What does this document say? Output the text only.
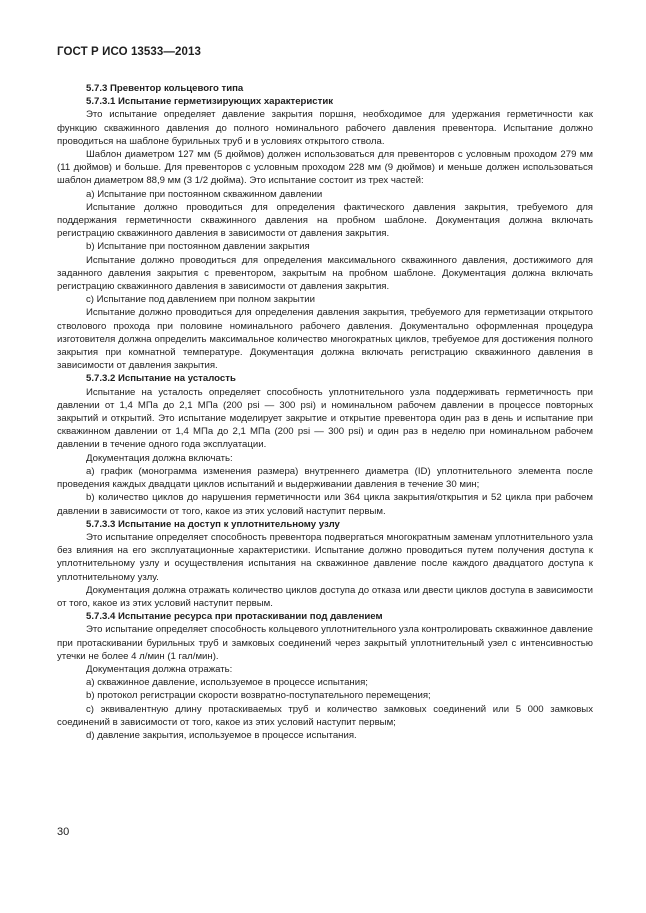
ГОСТ Р ИСО 13533—2013

5.7.3 Превентор кольцевого типа

5.7.3.1 Испытание герметизирующих характеристик

Это испытание определяет давление закрытия поршня, необходимое для удержания герметичности как функцию скважинного давления до полного номинального рабочего давления превентора. Испытание должно проводиться на шаблоне бурильных труб и в условиях открытого ствола.

Шаблон диаметром 127 мм (5 дюймов) должен использоваться для превенторов с условным проходом 279 мм (11 дюймов) и больше. Для превенторов с условным проходом 228 мм (9 дюймов) и меньше должен использоваться шаблон диаметром 88,9 мм (3 1/2 дюйма). Это испытание состоит из трех частей:

а) Испытание при постоянном скважинном давлении

Испытание должно проводиться для определения фактического давления закрытия, требуемого для поддержания герметичности скважинного давления на пробном шаблоне. Документация должна включать регистрацию скважинного давления в зависимости от давления закрытия.

b) Испытание при постоянном давлении закрытия

Испытание должно проводиться для определения максимального скважинного давления, достижимого для заданного давления закрытия с превентором, закрытым на пробном шаблоне. Документация должна включать регистрацию скважинного давления в зависимости от давления закрытия.

c) Испытание под давлением при полном закрытии

Испытание должно проводиться для определения давления закрытия, требуемого для герметизации открытого стволового прохода при половине номинального рабочего давления. Документально оформленная процедура изготовителя должна определить максимальное количество многократных циклов, требуемое для достижения полного закрытия при комнатной температуре. Документация должна включать регистрацию скважинного давления в зависимости от давления закрытия.

5.7.3.2 Испытание на усталость

Испытание на усталость определяет способность уплотнительного узла поддерживать герметичность при давлении от 1,4 МПа до 2,1 МПа (200 psi — 300 psi) и номинальном рабочем давлении в процессе повторных закрытий и открытий. Это испытание моделирует закрытие и открытие превентора один раз в день и испытание при скважинном давлении от 1,4 МПа до 2,1 МПа (200 psi — 300 psi) и один раз в неделю при номинальном рабочем давлении в течение одного года эксплуатации.

Документация должна включать:

а) график (монограмма изменения размера) внутреннего диаметра (ID) уплотнительного элемента после проведения каждых двадцати циклов испытаний и выдерживании давления в течение 30 мин;

b) количество циклов до нарушения герметичности или 364 цикла закрытия/открытия и 52 цикла при рабочем давлении в зависимости от того, какое из этих условий наступит первым.

5.7.3.3 Испытание на доступ к уплотнительному узлу

Это испытание определяет способность превентора подвергаться многократным заменам уплотнительного узла без влияния на его эксплуатационные характеристики. Испытание должно проводиться путем получения доступа к уплотнительному узлу и осуществления испытания на скважинное давление после каждого двадцатого доступа к уплотнительному узлу.

Документация должна отражать количество циклов доступа до отказа или двести циклов доступа в зависимости от того, какое из этих условий наступит первым.

5.7.3.4 Испытание ресурса при протаскивании под давлением

Это испытание определяет способность кольцевого уплотнительного узла контролировать скважинное давление при протаскивании бурильных труб и замковых соединений через закрытый уплотнительный узел с интенсивностью утечки не более 4 л/мин (1 гал/мин).

Документация должна отражать:

а) скважинное давление, используемое в процессе испытания;

b) протокол регистрации скорости возвратно-поступательного перемещения;

c) эквивалентную длину протаскиваемых труб и количество замковых соединений или 5 000 замковых соединений в зависимости от того, какое из этих условий наступит первым;

d) давление закрытия, используемое в процессе испытания.

30
